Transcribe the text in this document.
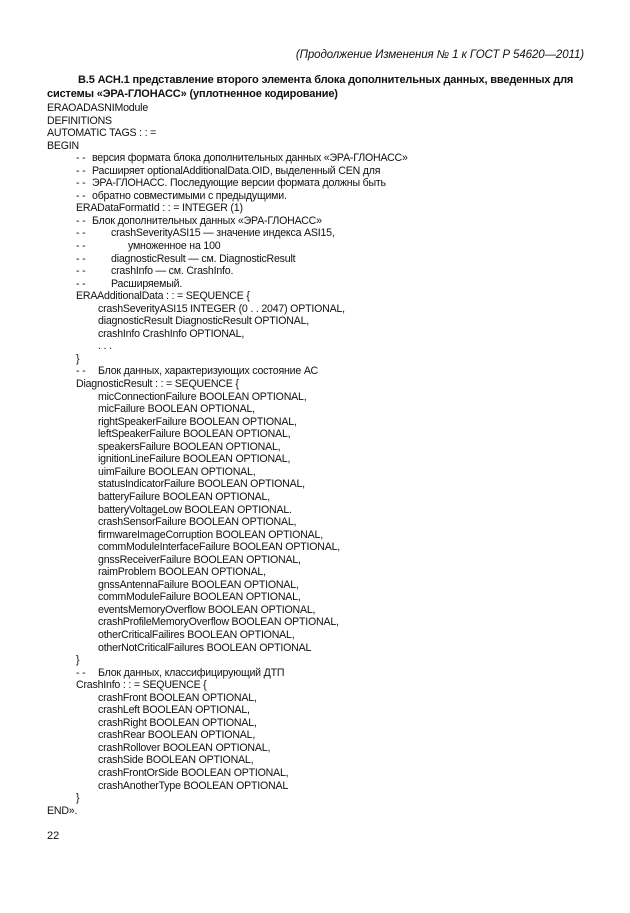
(Продолжение Изменения № 1 к ГОСТ Р 54620—2011)
В.5 АСН.1 представление второго элемента блока дополнительных данных, введенных для
системы «ЭРА-ГЛОНАСС» (уплотненное кодирование)
ERAOADASNIModule
DEFINITIONS
AUTOMATIC TAGS : : =
BEGIN
- - версия формата блока дополнительных данных «ЭРА-ГЛОНАСС»
- - Расширяет optionalAdditionalData.OID, выделенный CEN для
- - ЭРА-ГЛОНАСС. Последующие версии формата должны быть
- - обратно совместимыми с предыдущими.
ERADataFormatId : : = INTEGER (1)
- - Блок дополнительных данных «ЭРА-ГЛОНАСС»
- - crashSeverityASI15 — значение индекса ASI15,
- -	умноженное на 100
- - diagnosticResult — см. DiagnosticResult
- - crashInfo — см. CrashInfo.
- - Расширяемый.
ERAAdditionalData : : = SEQUENCE {
crashSeverityASI15 INTEGER (0 . . 2047) OPTIONAL,
diagnosticResult DiagnosticResult OPTIONAL,
crashInfo CrashInfo OPTIONAL,
. . .
}
- - Блок данных, характеризующих состояние АС
DiagnosticResult : : = SEQUENCE {
micConnectionFailure BOOLEAN OPTIONAL,
micFailure BOOLEAN OPTIONAL,
rightSpeakerFailure BOOLEAN OPTIONAL,
leftSpeakerFailure BOOLEAN OPTIONAL,
speakersFailure BOOLEAN OPTIONAL,
ignitionLineFailure BOOLEAN OPTIONAL,
uimFailure BOOLEAN OPTIONAL,
statusIndicatorFailure BOOLEAN OPTIONAL,
batteryFailure BOOLEAN OPTIONAL,
batteryVoltageLow BOOLEAN OPTIONAL.
crashSensorFailure BOOLEAN OPTIONAL,
firmwareImageCorruption BOOLEAN OPTIONAL,
commModuleInterfaceFailure BOOLEAN OPTIONAL,
gnssReceiverFailure BOOLEAN OPTIONAL,
raimProblem BOOLEAN OPTIONAL,
gnssAntennaFailure BOOLEAN OPTIONAL,
commModuleFailure BOOLEAN OPTIONAL,
eventsMemoryOverflow BOOLEAN OPTIONAL,
crashProfileMemoryOverflow BOOLEAN OPTIONAL,
otherCriticalFailires BOOLEAN OPTIONAL,
otherNotCriticalFailures BOOLEAN OPTIONAL
}
- - Блок данных, классифицирующий ДТП
CrashInfo : : = SEQUENCE {
crashFront BOOLEAN OPTIONAL,
crashLeft BOOLEAN OPTIONAL,
crashRight BOOLEAN OPTIONAL,
crashRear BOOLEAN OPTIONAL,
crashRollover BOOLEAN OPTIONAL,
crashSide BOOLEAN OPTIONAL,
crashFrontOrSide BOOLEAN OPTIONAL,
crashAnotherType BOOLEAN OPTIONAL
}
END».
22
